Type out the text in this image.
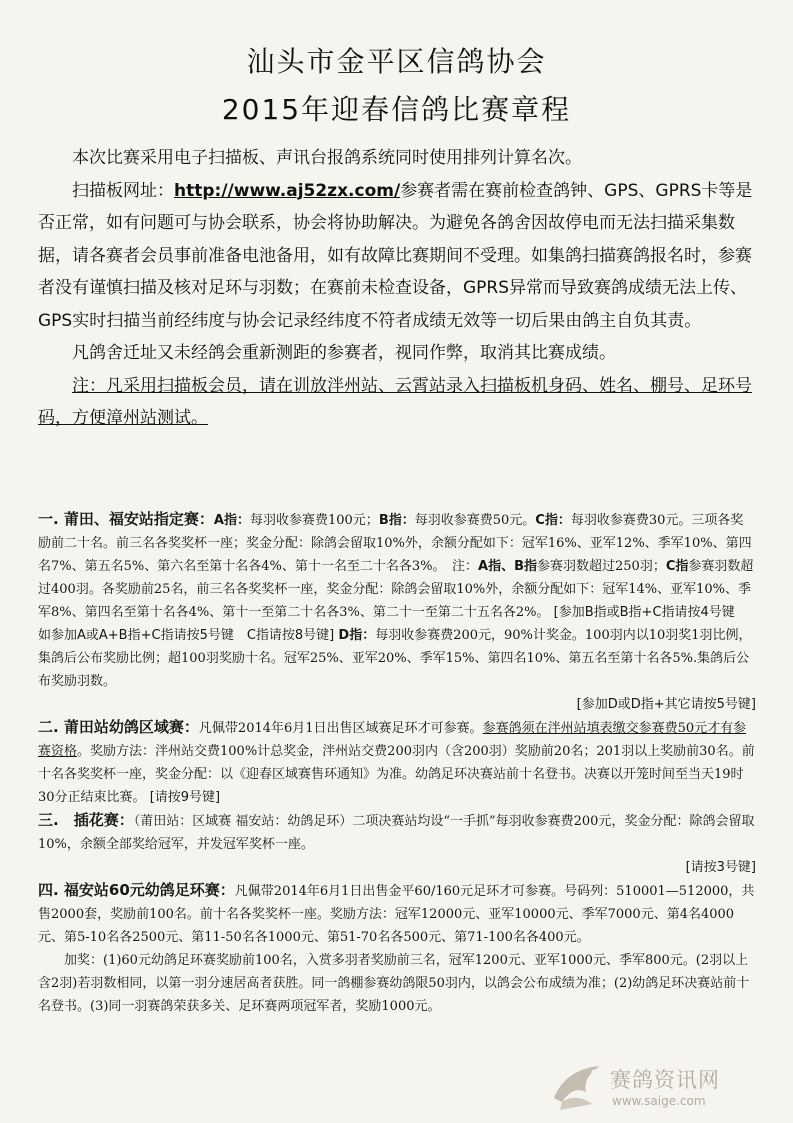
汕头市金平区信鸽协会
2015年迎春信鸽比赛章程

本次比赛采用电子扫描板、声讯台报鸽系统同时使用排列计算名次。

扫描板网址：http://www.aj52zx.com/参赛者需在赛前检查鸽钟、GPS、GPRS卡等是否正常，如有问题可与协会联系，协会将协助解决。为避免各鸽舍因故停电而无法扫描采集数据，请各赛者会员事前准备电池备用，如有故障比赛期间不受理。如集鸽扫描赛鸽报名时，参赛者没有谨慎扫描及核对足环与羽数；在赛前未检查设备，GPRS异常而导致赛鸽成绩无法上传、GPS实时扫描当前经纬度与协会记录经纬度不符者成绩无效等一切后果由鸽主自负其责。

凡鸽舍迁址又未经鸽会重新测距的参赛者，视同作弊，取消其比赛成绩。

注：凡采用扫描板会员，请在训放泮州站、云霄站录入扫描板机身码、姓名、棚号、足环号码，方便漳州站测试。

一. 莆田、福安站指定赛：A指：每羽收参赛费100元；B指：每羽收参赛费50元。C指：每羽收参赛费30元。三项各奖励前二十名。前三名各奖奖杯一座；奖金分配：除鸽会留取10%外，余额分配如下：冠军16%、亚军12%、季军10%、第四名7%、第五名5%、第六名至第十名各4%、第十一名至二十名各3%。　 注：A指、B指参赛羽数超过250羽；C指参赛羽数超过400羽。各奖励前25名，前三名各奖奖杯一座，奖金分配：除鸽会留取10%外，余额分配如下：冠军14%、亚军10%、季军8%、第四名至第十名各4%、第十一至第二十名各3%、第二十一至第二十五名各2%。 [参加B指或B指+C指请按4号键　如参加A或A+B指+C指请按5号键　C指请按8号键] D指：每羽收参赛费200元，90%计奖金。100羽内以10羽奖1羽比例，集鸽后公布奖励比例；超100羽奖励十名。冠军25%、亚军20%、季军15%、第四名10%、第五名至第十名各5%.集鸽后公布奖励羽数。
[参加D或D指+其它请按5号键]

二. 莆田站幼鸽区域赛：凡佩带2014年6月1日出售区域赛足环才可参赛。参赛鸽须在泮州站填表缴交参赛费50元才有参赛资格。奖励方法：泮州站交费100%计总奖金，泮州站交费200羽内（含200羽）奖励前20名；201羽以上奖励前30名。前十名各奖奖杯一座，奖金分配：以《迎春区域赛售环通知》为准。幼鸽足环决赛站前十名登书。决赛以开笼时间至当天19时30分正结束比赛。 [请按9号键]

三.　插花赛：（莆田站：区域赛 福安站：幼鸽足环）二项决赛站均设“一手抓”每羽收参赛费200元，奖金分配：除鸽会留取10%，余额全部奖给冠军，并发冠军奖杯一座。
[请按3号键]

四. 福安站60元幼鸽足环赛：凡佩带2014年6月1日出售金平60/160元足环才可参赛。号码列：510001—512000，共售2000套，奖励前100名。前十名各奖奖杯一座。奖励方法：冠军12000元、亚军10000元、季军7000元、第4名4000元、第5-10名各2500元、第11-50名各1000元、第51-70名各500元、第71-100名各400元。

加奖：(1)60元幼鸽足环赛奖励前100名，入赏多羽者奖励前三名，冠军1200元、亚军1000元、季军800元。(2羽以上含2羽)若羽数相同，以第一羽分速居高者获胜。同一鸽棚参赛幼鸽限50羽内，以鸽会公布成绩为准；(2)幼鸽足环决赛站前十名登书。(3)同一羽赛鸽荣获多关、足环赛两项冠军者，奖励1000元。

赛鸽资讯网
www.saige.com
